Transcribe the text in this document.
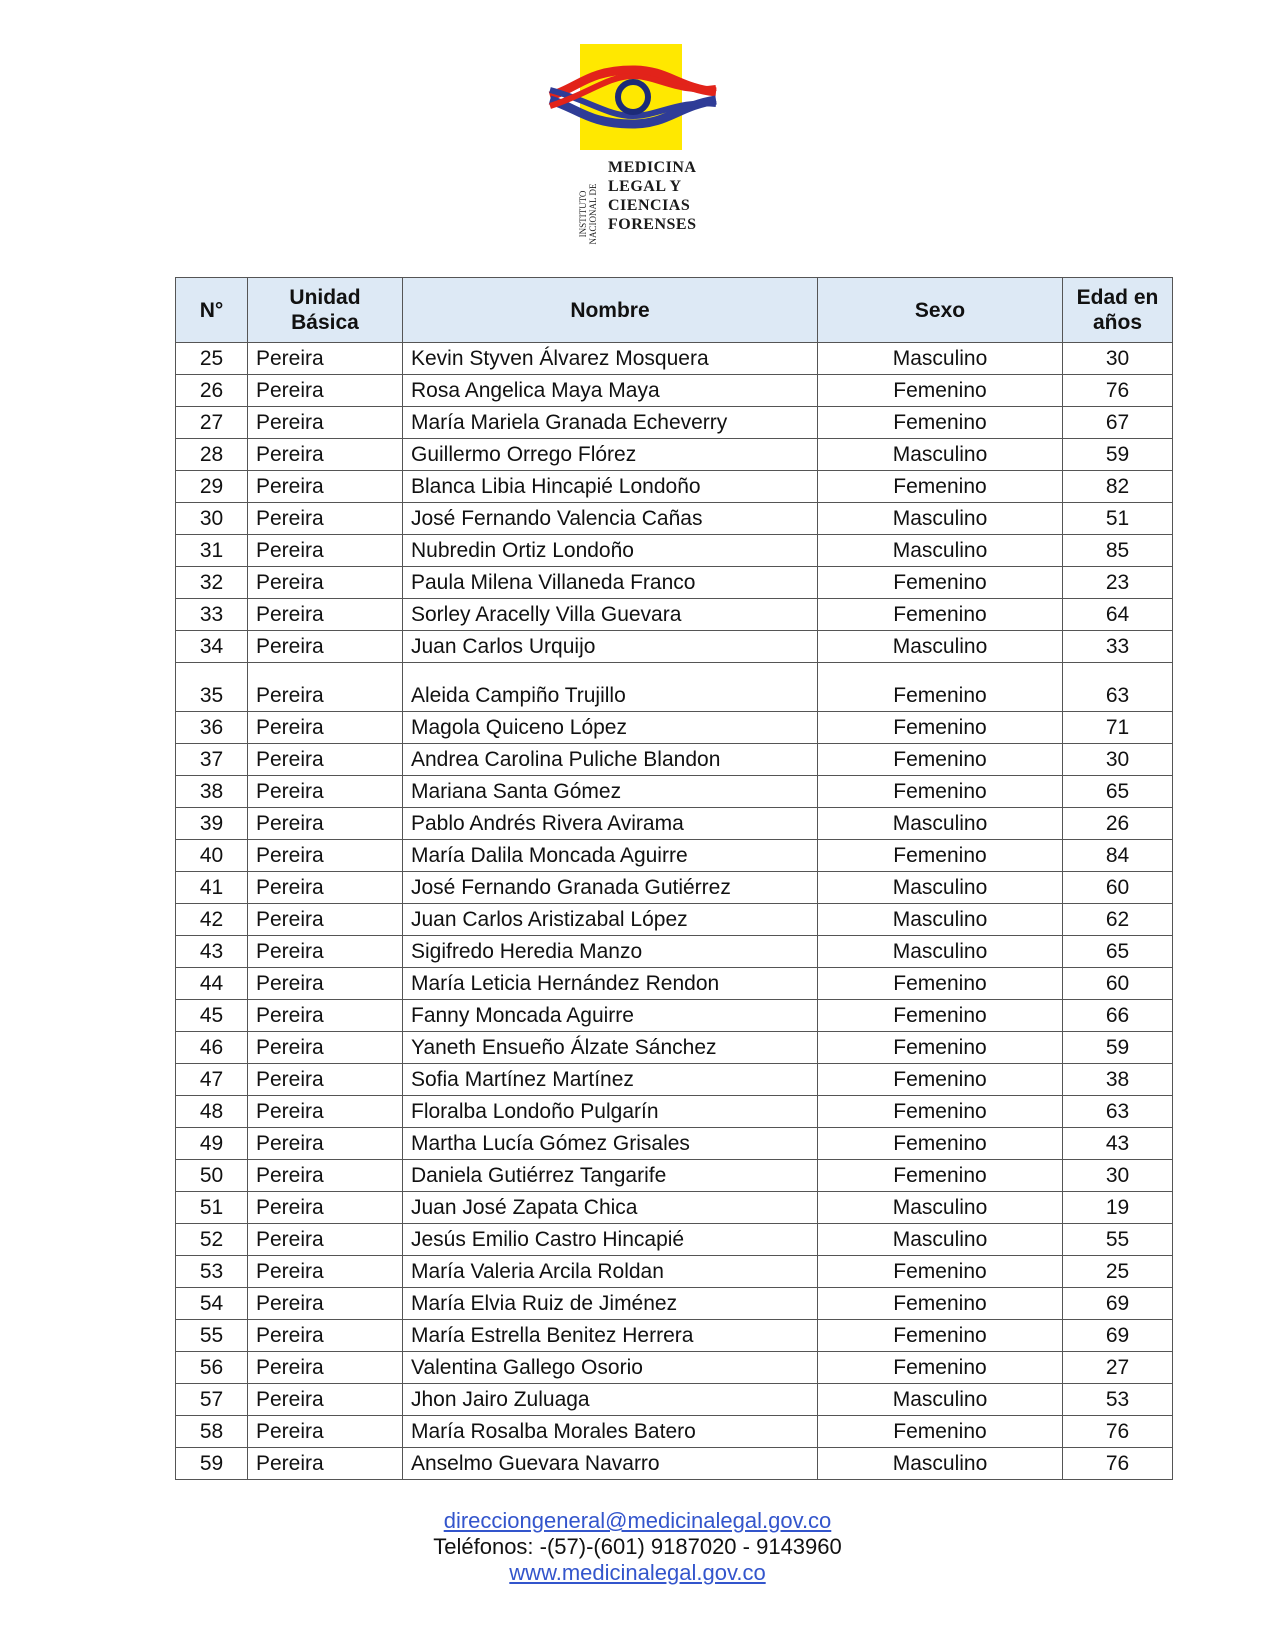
INSTITUTO
NACIONAL DE
MEDICINA
LEGAL Y
CIENCIAS
FORENSES
N°	Unidad Básica	Nombre	Sexo	Edad en años
25	Pereira	Kevin Styven Álvarez Mosquera	Masculino	30
26	Pereira	Rosa Angelica Maya Maya	Femenino	76
27	Pereira	María Mariela Granada Echeverry	Femenino	67
28	Pereira	Guillermo Orrego Flórez	Masculino	59
29	Pereira	Blanca Libia Hincapié Londoño	Femenino	82
30	Pereira	José Fernando Valencia Cañas	Masculino	51
31	Pereira	Nubredin Ortiz Londoño	Masculino	85
32	Pereira	Paula Milena Villaneda Franco	Femenino	23
33	Pereira	Sorley Aracelly Villa Guevara	Femenino	64
34	Pereira	Juan Carlos Urquijo	Masculino	33
35	Pereira	Aleida Campiño Trujillo	Femenino	63
36	Pereira	Magola Quiceno López	Femenino	71
37	Pereira	Andrea Carolina Puliche Blandon	Femenino	30
38	Pereira	Mariana Santa Gómez	Femenino	65
39	Pereira	Pablo Andrés Rivera Avirama	Masculino	26
40	Pereira	María Dalila Moncada Aguirre	Femenino	84
41	Pereira	José Fernando Granada Gutiérrez	Masculino	60
42	Pereira	Juan Carlos Aristizabal López	Masculino	62
43	Pereira	Sigifredo Heredia Manzo	Masculino	65
44	Pereira	María Leticia Hernández Rendon	Femenino	60
45	Pereira	Fanny Moncada Aguirre	Femenino	66
46	Pereira	Yaneth Ensueño Álzate Sánchez	Femenino	59
47	Pereira	Sofia Martínez Martínez	Femenino	38
48	Pereira	Floralba Londoño Pulgarín	Femenino	63
49	Pereira	Martha Lucía Gómez Grisales	Femenino	43
50	Pereira	Daniela Gutiérrez Tangarife	Femenino	30
51	Pereira	Juan José Zapata Chica	Masculino	19
52	Pereira	Jesús Emilio Castro Hincapié	Masculino	55
53	Pereira	María Valeria Arcila Roldan	Femenino	25
54	Pereira	María Elvia Ruiz de Jiménez	Femenino	69
55	Pereira	María Estrella Benitez Herrera	Femenino	69
56	Pereira	Valentina Gallego Osorio	Femenino	27
57	Pereira	Jhon Jairo Zuluaga	Masculino	53
58	Pereira	María Rosalba Morales Batero	Femenino	76
59	Pereira	Anselmo Guevara Navarro	Masculino	76
direcciongeneral@medicinalegal.gov.co
Teléfonos: -(57)-(601) 9187020 - 9143960
www.medicinalegal.gov.co
